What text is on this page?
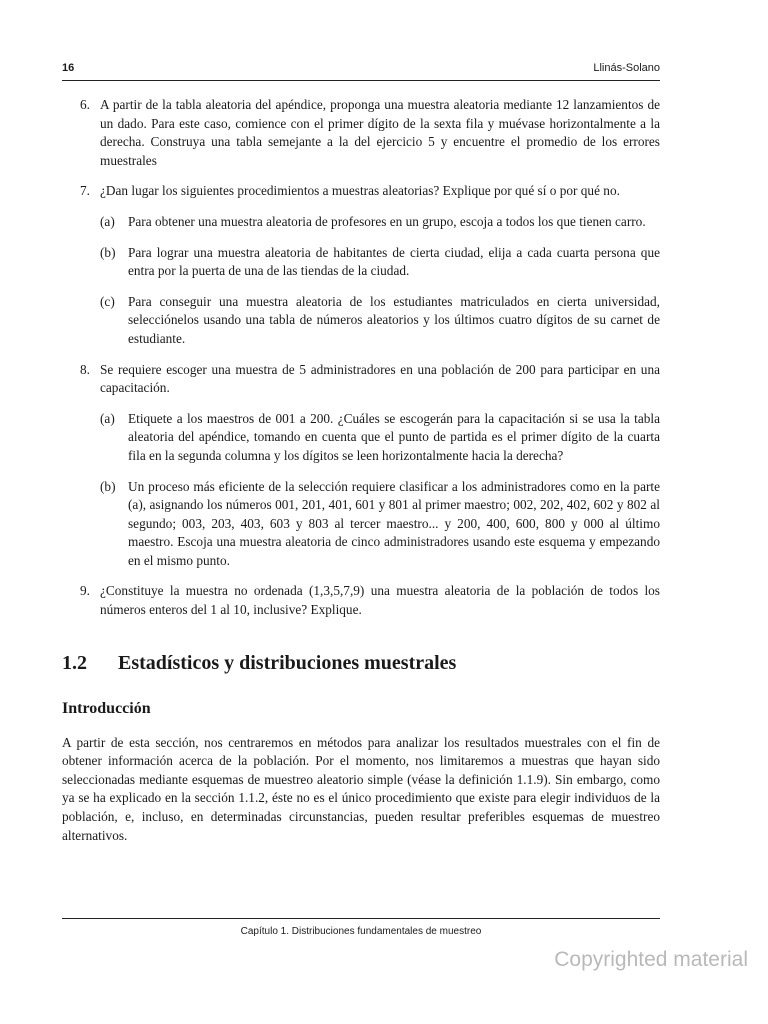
16	Llinás-Solano
6. A partir de la tabla aleatoria del apéndice, proponga una muestra aleatoria mediante 12 lanzamientos de un dado. Para este caso, comience con el primer dígito de la sexta fila y muévase horizontalmente a la derecha. Construya una tabla semejante a la del ejercicio 5 y encuentre el promedio de los errores muestrales
7. ¿Dan lugar los siguientes procedimientos a muestras aleatorias? Explique por qué sí o por qué no.
(a) Para obtener una muestra aleatoria de profesores en un grupo, escoja a todos los que tienen carro.
(b) Para lograr una muestra aleatoria de habitantes de cierta ciudad, elija a cada cuarta persona que entra por la puerta de una de las tiendas de la ciudad.
(c) Para conseguir una muestra aleatoria de los estudiantes matriculados en cierta universidad, selecciónelos usando una tabla de números aleatorios y los últimos cuatro dígitos de su carnet de estudiante.
8. Se requiere escoger una muestra de 5 administradores en una población de 200 para participar en una capacitación.
(a) Etiquete a los maestros de 001 a 200. ¿Cuáles se escogerán para la capacitación si se usa la tabla aleatoria del apéndice, tomando en cuenta que el punto de partida es el primer dígito de la cuarta fila en la segunda columna y los dígitos se leen horizontalmente hacia la derecha?
(b) Un proceso más eficiente de la selección requiere clasificar a los administradores como en la parte (a), asignando los números 001, 201, 401, 601 y 801 al primer maestro; 002, 202, 402, 602 y 802 al segundo; 003, 203, 403, 603 y 803 al tercer maestro... y 200, 400, 600, 800 y 000 al último maestro. Escoja una muestra aleatoria de cinco administradores usando este esquema y empezando en el mismo punto.
9. ¿Constituye la muestra no ordenada (1,3,5,7,9) una muestra aleatoria de la población de todos los números enteros del 1 al 10, inclusive? Explique.
1.2 Estadísticos y distribuciones muestrales
Introducción
A partir de esta sección, nos centraremos en métodos para analizar los resultados muestrales con el fin de obtener información acerca de la población. Por el momento, nos limitaremos a muestras que hayan sido seleccionadas mediante esquemas de muestreo aleatorio simple (véase la definición 1.1.9). Sin embargo, como ya se ha explicado en la sección 1.1.2, éste no es el único procedimiento que existe para elegir individuos de la población, e, incluso, en determinadas circunstancias, pueden resultar preferibles esquemas de muestreo alternativos.
Capítulo 1. Distribuciones fundamentales de muestreo
Copyrighted material
